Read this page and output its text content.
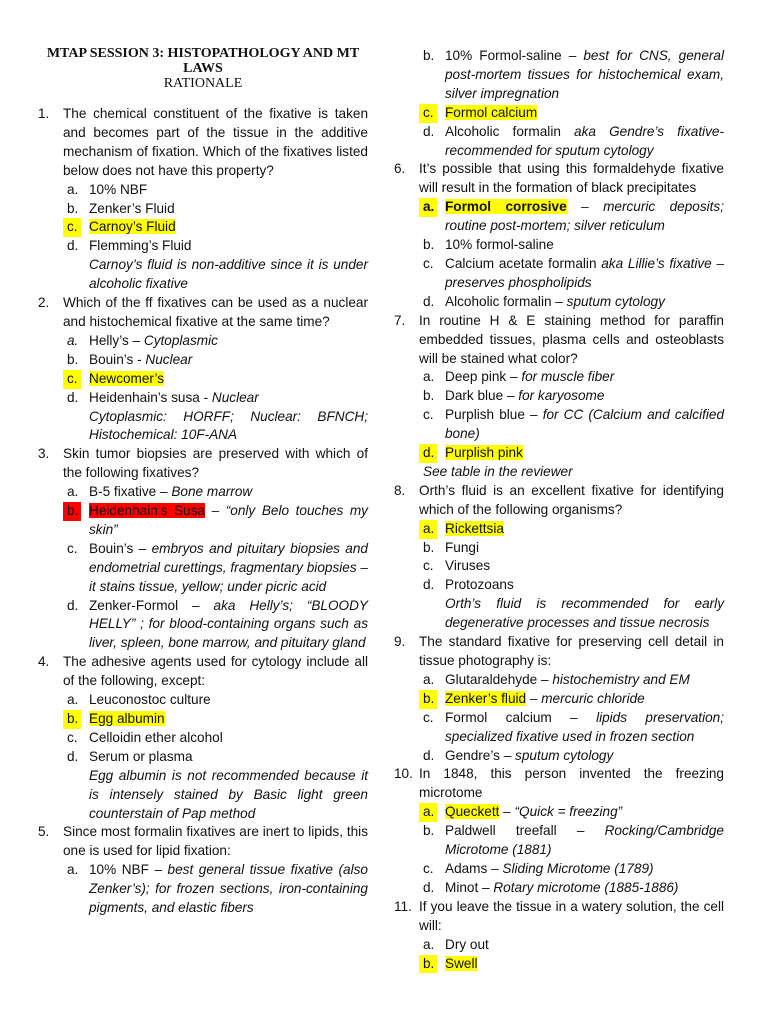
MTAP SESSION 3: HISTOPATHOLOGY AND MT LAWS
RATIONALE
1. The chemical constituent of the fixative is taken and becomes part of the tissue in the additive mechanism of fixation. Which of the fixatives listed below does not have this property?
a. 10% NBF
b. Zenker’s Fluid
c. Carnoy’s Fluid
d. Flemming’s Fluid
Carnoy’s fluid is non-additive since it is under alcoholic fixative
2. Which of the ff fixatives can be used as a nuclear and histochemical fixative at the same time?
a. Helly’s – Cytoplasmic
b. Bouin’s - Nuclear
c. Newcomer’s
d. Heidenhain’s susa - Nuclear
Cytoplasmic: HORFF; Nuclear: BFNCH;
Histochemical: 10F-ANA
3. Skin tumor biopsies are preserved with which of the following fixatives?
a. B-5 fixative – Bone marrow
b. Heidenhain’s Susa – “only Belo touches my skin”
c. Bouin’s – embryos and pituitary biopsies and endometrial curettings, fragmentary biopsies – it stains tissue, yellow; under picric acid
d. Zenker-Formol – aka Helly’s; “BLOODY HELLY” ; for blood-containing organs such as liver, spleen, bone marrow, and pituitary gland
4. The adhesive agents used for cytology include all of the following, except:
a. Leuconostoc culture
b. Egg albumin
c. Celloidin ether alcohol
d. Serum or plasma
Egg albumin is not recommended because it is intensely stained by Basic light green counterstain of Pap method
5. Since most formalin fixatives are inert to lipids, this one is used for lipid fixation:
a. 10% NBF – best general tissue fixative (also Zenker’s); for frozen sections, iron-containing pigments, and elastic fibers
b. 10% Formol-saline – best for CNS, general post-mortem tissues for histochemical exam, silver impregnation
c. Formol calcium
d. Alcoholic formalin aka Gendre’s fixative- recommended for sputum cytology
6. It’s possible that using this formaldehyde fixative will result in the formation of black precipitates
a. Formol corrosive – mercuric deposits; routine post-mortem; silver reticulum
b. 10% formol-saline
c. Calcium acetate formalin aka Lillie’s fixative – preserves phospholipids
d. Alcoholic formalin – sputum cytology
7. In routine H & E staining method for paraffin embedded tissues, plasma cells and osteoblasts will be stained what color?
a. Deep pink – for muscle fiber
b. Dark blue – for karyosome
c. Purplish blue – for CC (Calcium and calcified bone)
d. Purplish pink
See table in the reviewer
8. Orth’s fluid is an excellent fixative for identifying which of the following organisms?
a. Rickettsia
b. Fungi
c. Viruses
d. Protozoans
Orth’s fluid is recommended for early degenerative processes and tissue necrosis
9. The standard fixative for preserving cell detail in tissue photography is:
a. Glutaraldehyde – histochemistry and EM
b. Zenker’s fluid – mercuric chloride
c. Formol calcium – lipids preservation; specialized fixative used in frozen section
d. Gendre’s – sputum cytology
10. In 1848, this person invented the freezing microtome
a. Queckett – “Quick = freezing”
b. Paldwell treefall – Rocking/Cambridge Microtome (1881)
c. Adams – Sliding Microtome (1789)
d. Minot – Rotary microtome (1885-1886)
11. If you leave the tissue in a watery solution, the cell will:
a. Dry out
b. Swell
